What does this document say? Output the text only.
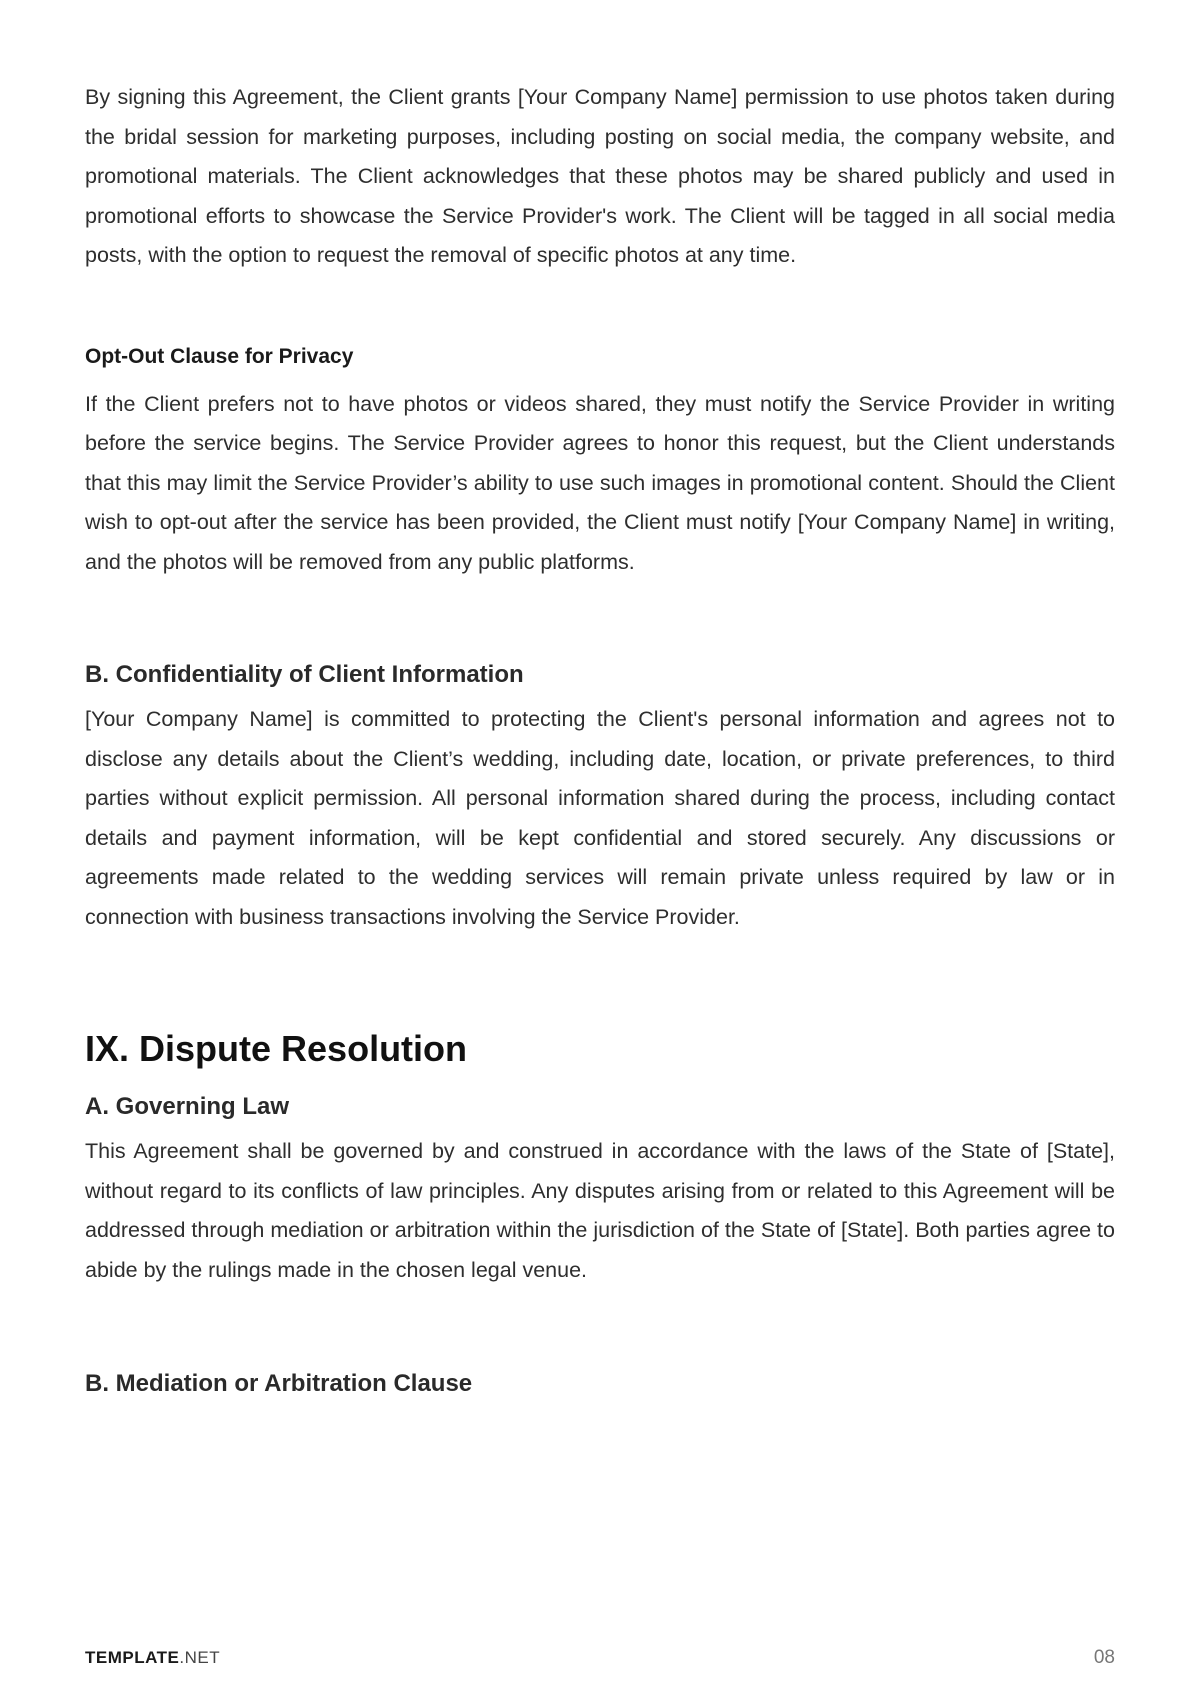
By signing this Agreement, the Client grants [Your Company Name] permission to use photos taken during the bridal session for marketing purposes, including posting on social media, the company website, and promotional materials. The Client acknowledges that these photos may be shared publicly and used in promotional efforts to showcase the Service Provider's work. The Client will be tagged in all social media posts, with the option to request the removal of specific photos at any time.

Opt-Out Clause for Privacy

If the Client prefers not to have photos or videos shared, they must notify the Service Provider in writing before the service begins. The Service Provider agrees to honor this request, but the Client understands that this may limit the Service Provider’s ability to use such images in promotional content. Should the Client wish to opt-out after the service has been provided, the Client must notify [Your Company Name] in writing, and the photos will be removed from any public platforms.

B. Confidentiality of Client Information

[Your Company Name] is committed to protecting the Client's personal information and agrees not to disclose any details about the Client’s wedding, including date, location, or private preferences, to third parties without explicit permission. All personal information shared during the process, including contact details and payment information, will be kept confidential and stored securely. Any discussions or agreements made related to the wedding services will remain private unless required by law or in connection with business transactions involving the Service Provider.

IX. Dispute Resolution
A. Governing Law

This Agreement shall be governed by and construed in accordance with the laws of the State of [State], without regard to its conflicts of law principles. Any disputes arising from or related to this Agreement will be addressed through mediation or arbitration within the jurisdiction of the State of [State]. Both parties agree to abide by the rulings made in the chosen legal venue.

B. Mediation or Arbitration Clause
TEMPLATE.NET	08
